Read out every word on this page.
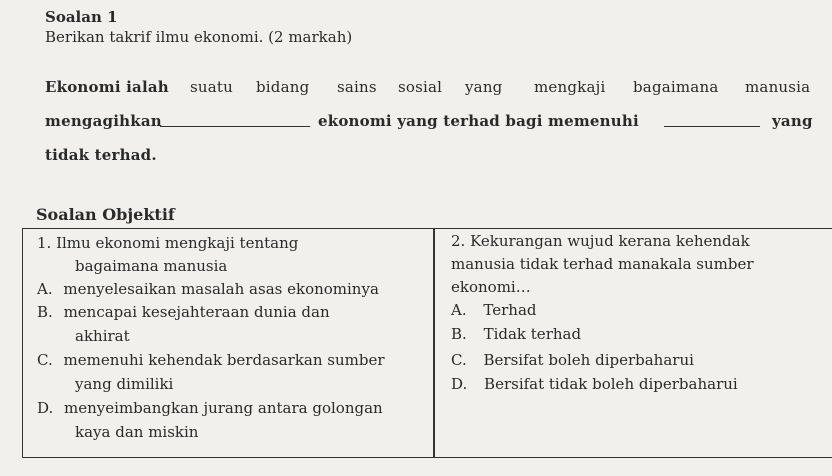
Soalan 1
Berikan takrif ilmu ekonomi. (2 markah)
Ekonomi ialah suatu bidang sains sosial yang mengkaji bagaimana manusia
mengagihkan	ekonomi yang terhad bagi memenuhi	yang
tidak terhad.
Soalan Objektif
1. Ilmu ekonomi mengkaji tentang
bagaimana manusia
A. menyelesaikan masalah asas ekonominya
B. mencapai kesejahteraan dunia dan
akhirat
C. memenuhi kehendak berdasarkan sumber
yang dimiliki
D. menyeimbangkan jurang antara golongan
kaya dan miskin
2. Kekurangan wujud kerana kehendak
manusia tidak terhad manakala sumber
ekonomi…
A. Terhad
B. Tidak terhad
C. Bersifat boleh diperbaharui
D. Bersifat tidak boleh diperbaharui
